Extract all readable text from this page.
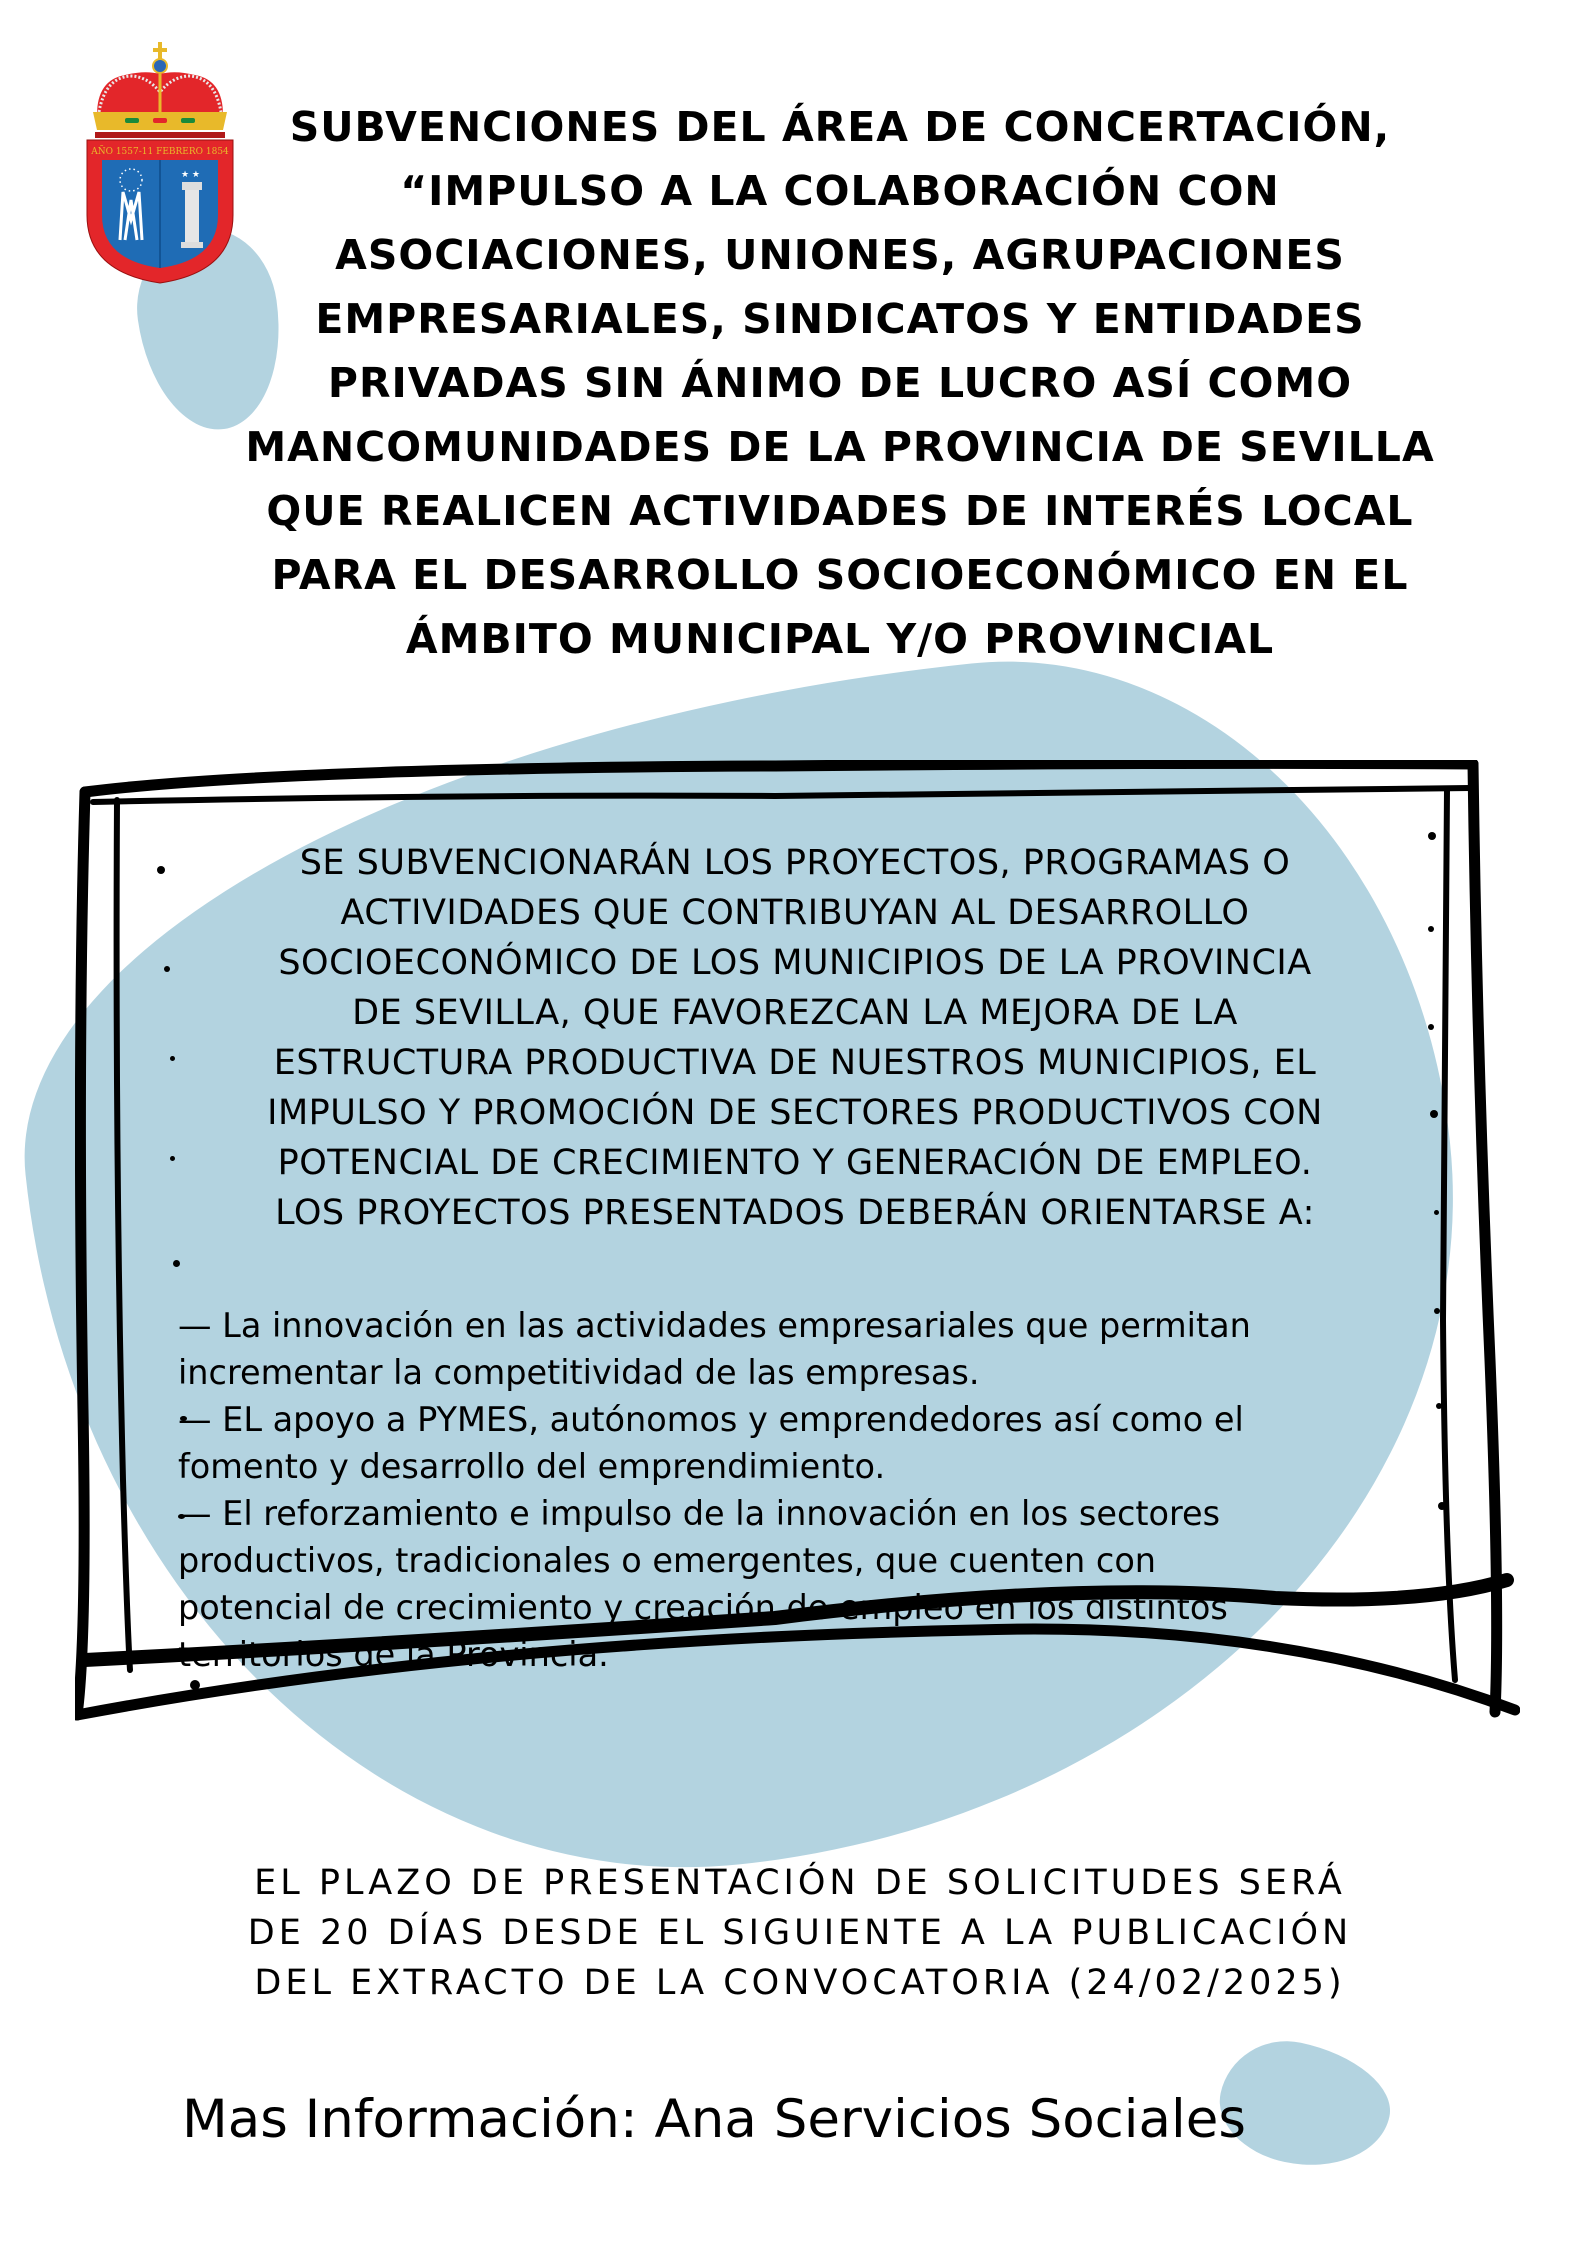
AÑO 1557-11 FEBRERO 1854
★ ★
SUBVENCIONES DEL ÁREA DE CONCERTACIÓN,
“IMPULSO A LA COLABORACIÓN CON
ASOCIACIONES, UNIONES, AGRUPACIONES
EMPRESARIALES, SINDICATOS Y ENTIDADES
PRIVADAS SIN ÁNIMO DE LUCRO ASÍ COMO
MANCOMUNIDADES DE LA PROVINCIA DE SEVILLA
QUE REALICEN ACTIVIDADES DE INTERÉS LOCAL
PARA EL DESARROLLO SOCIOECONÓMICO EN EL
ÁMBITO MUNICIPAL Y/O PROVINCIAL
SE SUBVENCIONARÁN LOS PROYECTOS, PROGRAMAS O
ACTIVIDADES QUE CONTRIBUYAN AL DESARROLLO
SOCIOECONÓMICO DE LOS MUNICIPIOS DE LA PROVINCIA
DE SEVILLA, QUE FAVOREZCAN LA MEJORA DE LA
ESTRUCTURA PRODUCTIVA DE NUESTROS MUNICIPIOS, EL
IMPULSO Y PROMOCIÓN DE SECTORES PRODUCTIVOS CON
POTENCIAL DE CRECIMIENTO Y GENERACIÓN DE EMPLEO.
LOS PROYECTOS PRESENTADOS DEBERÁN ORIENTARSE A:
— La innovación en las actividades empresariales que permitan
incrementar la competitividad de las empresas.
— EL apoyo a PYMES, autónomos y emprendedores así como el
fomento y desarrollo del emprendimiento.
— El reforzamiento e impulso de la innovación en los sectores
productivos, tradicionales o emergentes, que cuenten con
potencial de crecimiento y creación de empleo en los distintos
territorios de la Provincia.
EL PLAZO DE PRESENTACIÓN DE SOLICITUDES SERÁ
DE 20 DÍAS DESDE EL SIGUIENTE A LA PUBLICACIÓN
DEL EXTRACTO DE LA CONVOCATORIA (24/02/2025)
Mas Información: Ana Servicios Sociales
